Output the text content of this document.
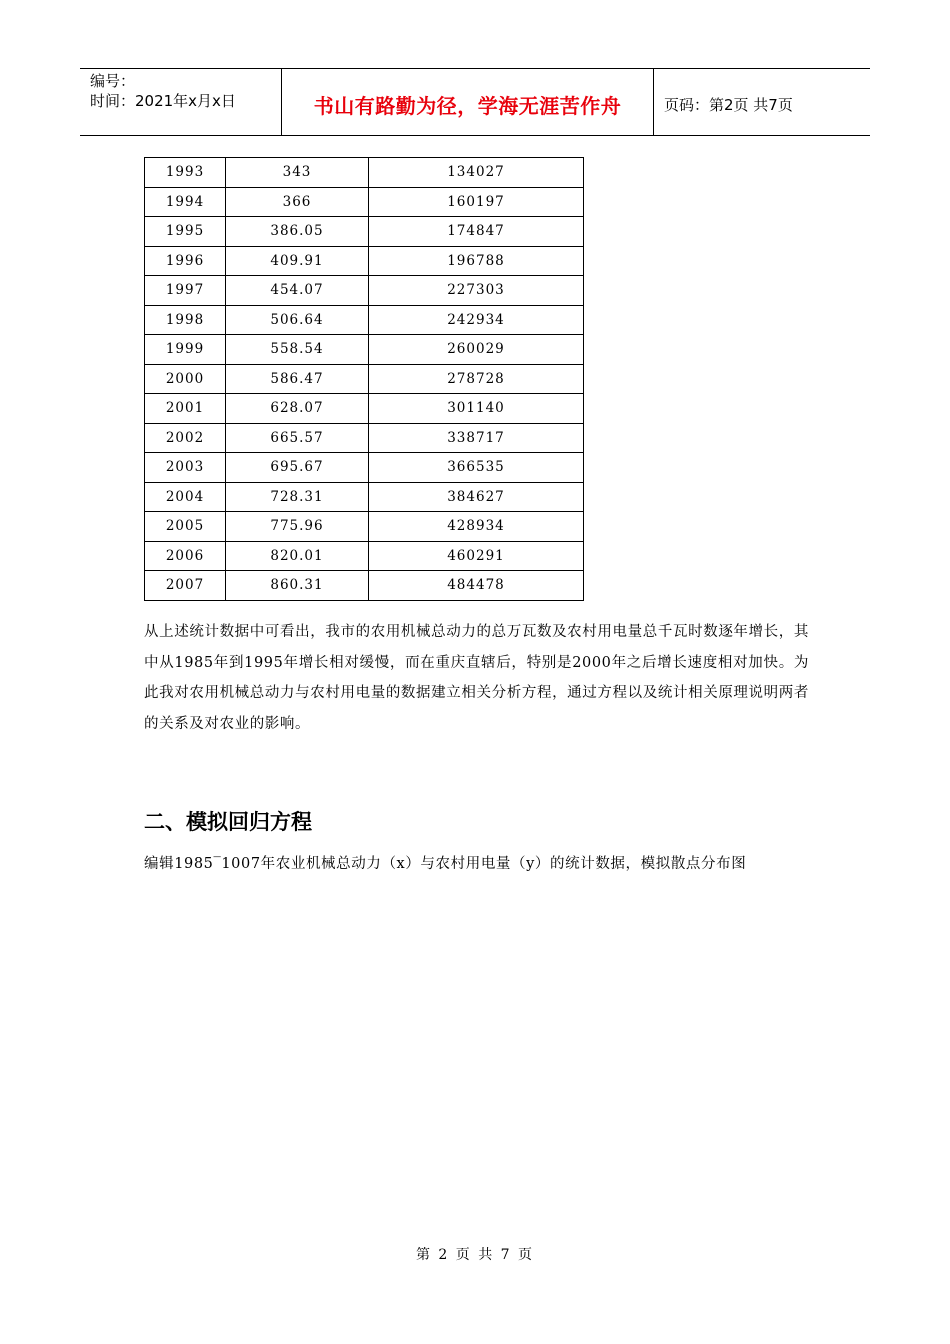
编号：
时间：2021年x月x日	书山有路勤为径，学海无涯苦作舟	页码：第2页 共7页
1993	343	134027
1994	366	160197
1995	386.05	174847
1996	409.91	196788
1997	454.07	227303
1998	506.64	242934
1999	558.54	260029
2000	586.47	278728
2001	628.07	301140
2002	665.57	338717
2003	695.67	366535
2004	728.31	384627
2005	775.96	428934
2006	820.01	460291
2007	860.31	484478
从上述统计数据中可看出，我市的农用机械总动力的总万瓦数及农村用电量总千瓦时数逐年增长，其中从1985年到1995年增长相对缓慢，而在重庆直辖后，特别是2000年之后增长速度相对加快。为此我对农用机械总动力与农村用电量的数据建立相关分析方程，通过方程以及统计相关原理说明两者的关系及对农业的影响。
二、模拟回归方程
编辑1985‾1007年农业机械总动力（x）与农村用电量（y）的统计数据，模拟散点分布图
第 2 页 共 7 页
